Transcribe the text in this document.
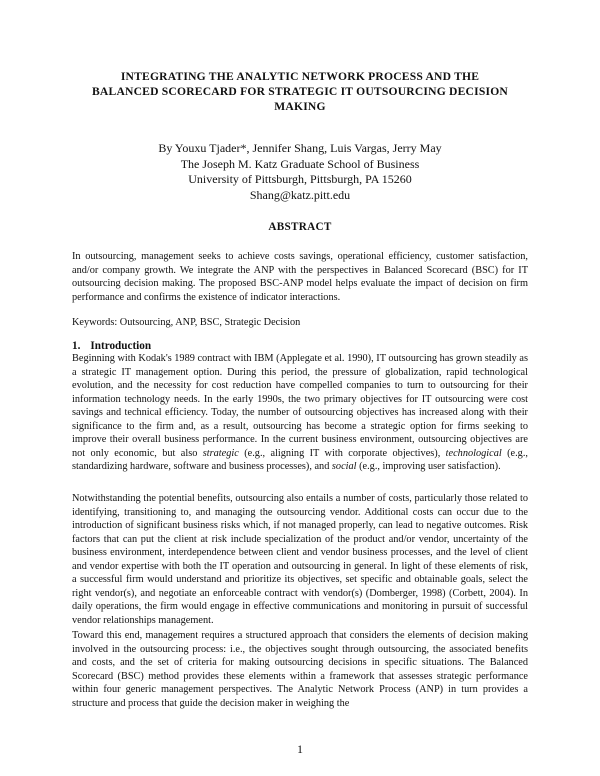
INTEGRATING THE ANALYTIC NETWORK PROCESS AND THE
BALANCED SCORECARD FOR STRATEGIC IT OUTSOURCING DECISION
MAKING
By Youxu Tjader*, Jennifer Shang, Luis Vargas, Jerry May
The Joseph M. Katz Graduate School of Business
University of Pittsburgh, Pittsburgh, PA 15260
Shang@katz.pitt.edu
ABSTRACT

In outsourcing, management seeks to achieve costs savings, operational efficiency, customer satisfaction, and/or company growth. We integrate the ANP with the perspectives in Balanced Scorecard (BSC) for IT outsourcing decision making. The proposed BSC-ANP model helps evaluate the impact of decision on firm performance and confirms the existence of indicator interactions.

Keywords: Outsourcing, ANP, BSC, Strategic Decision

1. Introduction

Beginning with Kodak's 1989 contract with IBM (Applegate et al. 1990), IT outsourcing has grown steadily as a strategic IT management option. During this period, the pressure of globalization, rapid technological evolution, and the necessity for cost reduction have compelled companies to turn to outsourcing for their information technology needs. In the early 1990s, the two primary objectives for IT outsourcing were cost savings and technical efficiency. Today, the number of outsourcing objectives has increased along with their significance to the firm and, as a result, outsourcing has become a strategic option for firms seeking to improve their overall business performance. In the current business environment, outsourcing objectives are not only economic, but also strategic (e.g., aligning IT with corporate objectives), technological (e.g., standardizing hardware, software and business processes), and social (e.g., improving user satisfaction).

Notwithstanding the potential benefits, outsourcing also entails a number of costs, particularly those related to identifying, transitioning to, and managing the outsourcing vendor. Additional costs can occur due to the introduction of significant business risks which, if not managed properly, can lead to negative outcomes. Risk factors that can put the client at risk include specialization of the product and/or vendor, uncertainty of the business environment, interdependence between client and vendor business processes, and the level of client and vendor expertise with both the IT operation and outsourcing in general. In light of these elements of risk, a successful firm would understand and prioritize its objectives, set specific and obtainable goals, select the right vendor(s), and negotiate an enforceable contract with vendor(s) (Domberger, 1998) (Corbett, 2004). In daily operations, the firm would engage in effective communications and monitoring in pursuit of successful vendor relationships management.

Toward this end, management requires a structured approach that considers the elements of decision making involved in the outsourcing process: i.e., the objectives sought through outsourcing, the associated benefits and costs, and the set of criteria for making outsourcing decisions in specific situations. The Balanced Scorecard (BSC) method provides these elements within a framework that assesses strategic performance within four generic management perspectives. The Analytic Network Process (ANP) in turn provides a structure and process that guide the decision maker in weighing the

1
